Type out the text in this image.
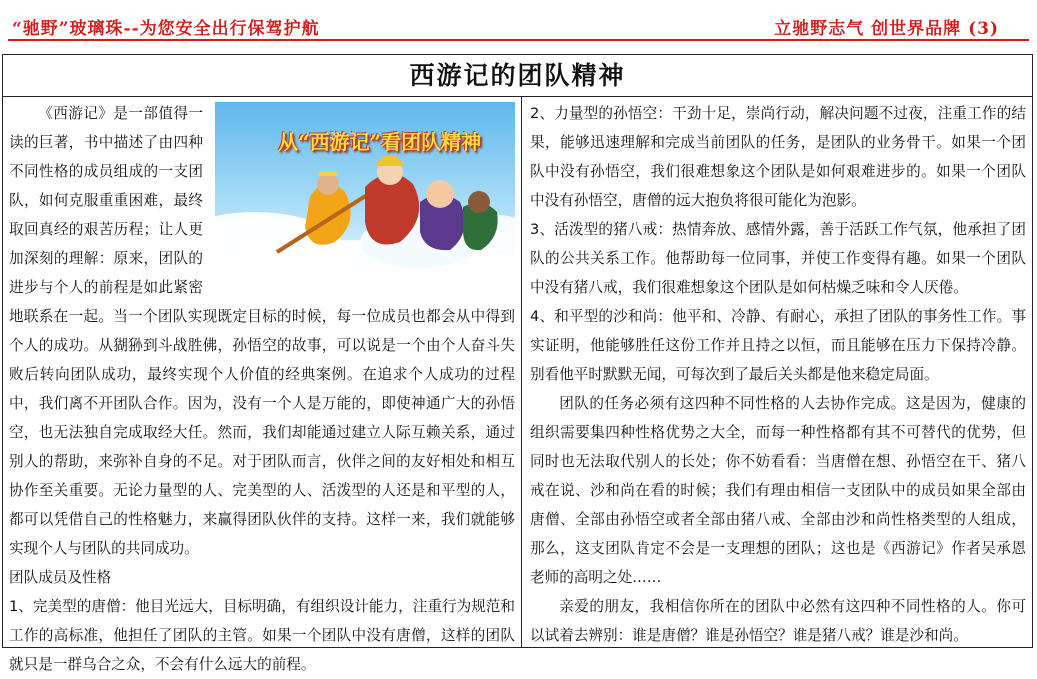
“驰野”玻璃珠--为您安全出行保驾护航	立驰野志气 创世界品牌 (3)
西游记的团队精神

从“西游记”看团队精神
《西游记》是一部值得一读的巨著，书中描述了由四种不同性格的成员组成的一支团队，如何克服重重困难，最终取回真经的艰苦历程；让人更加深刻的理解：原来，团队的进步与个人的前程是如此紧密地联系在一起。当一个团队实现既定目标的时候，每一位成员也都会从中得到个人的成功。从猢狲到斗战胜佛，孙悟空的故事，可以说是一个由个人奋斗失败后转向团队成功，最终实现个人价值的经典案例。在追求个人成功的过程中，我们离不开团队合作。因为，没有一个人是万能的，即使神通广大的孙悟空，也无法独自完成取经大任。然而，我们却能通过建立人际互赖关系，通过别人的帮助，来弥补自身的不足。对于团队而言，伙伴之间的友好相处和相互协作至关重要。无论力量型的人、完美型的人、活泼型的人还是和平型的人，都可以凭借自己的性格魅力，来赢得团队伙伴的支持。这样一来，我们就能够实现个人与团队的共同成功。

团队成员及性格

1、完美型的唐僧：他目光远大，目标明确，有组织设计能力，注重行为规范和工作的高标准，他担任了团队的主管。如果一个团队中没有唐僧，这样的团队就只是一群乌合之众，不会有什么远大的前程。

2、力量型的孙悟空：干劲十足，崇尚行动，解决问题不过夜，注重工作的结果，能够迅速理解和完成当前团队的任务，是团队的业务骨干。如果一个团队中没有孙悟空，我们很难想象这个团队是如何艰难进步的。如果一个团队中没有孙悟空，唐僧的远大抱负将很可能化为泡影。

3、活泼型的猪八戒：热情奔放、感情外露，善于活跃工作气氛，他承担了团队的公共关系工作。他帮助每一位同事，并使工作变得有趣。如果一个团队中没有猪八戒，我们很难想象这个团队是如何枯燥乏味和令人厌倦。

4、和平型的沙和尚：他平和、冷静、有耐心，承担了团队的事务性工作。事实证明，他能够胜任这份工作并且持之以恒，而且能够在压力下保持冷静。别看他平时默默无闻，可每次到了最后关头都是他来稳定局面。

团队的任务必须有这四种不同性格的人去协作完成。这是因为，健康的组织需要集四种性格优势之大全，而每一种性格都有其不可替代的优势，但同时也无法取代别人的长处；你不妨看看：当唐僧在想、孙悟空在干、猪八戒在说、沙和尚在看的时候；我们有理由相信一支团队中的成员如果全部由唐僧、全部由孙悟空或者全部由猪八戒、全部由沙和尚性格类型的人组成，那么，这支团队肯定不会是一支理想的团队；这也是《西游记》作者吴承恩老师的高明之处……

亲爱的朋友，我相信你所在的团队中必然有这四种不同性格的人。你可以试着去辨别：谁是唐僧？谁是孙悟空？谁是猪八戒？谁是沙和尚。
